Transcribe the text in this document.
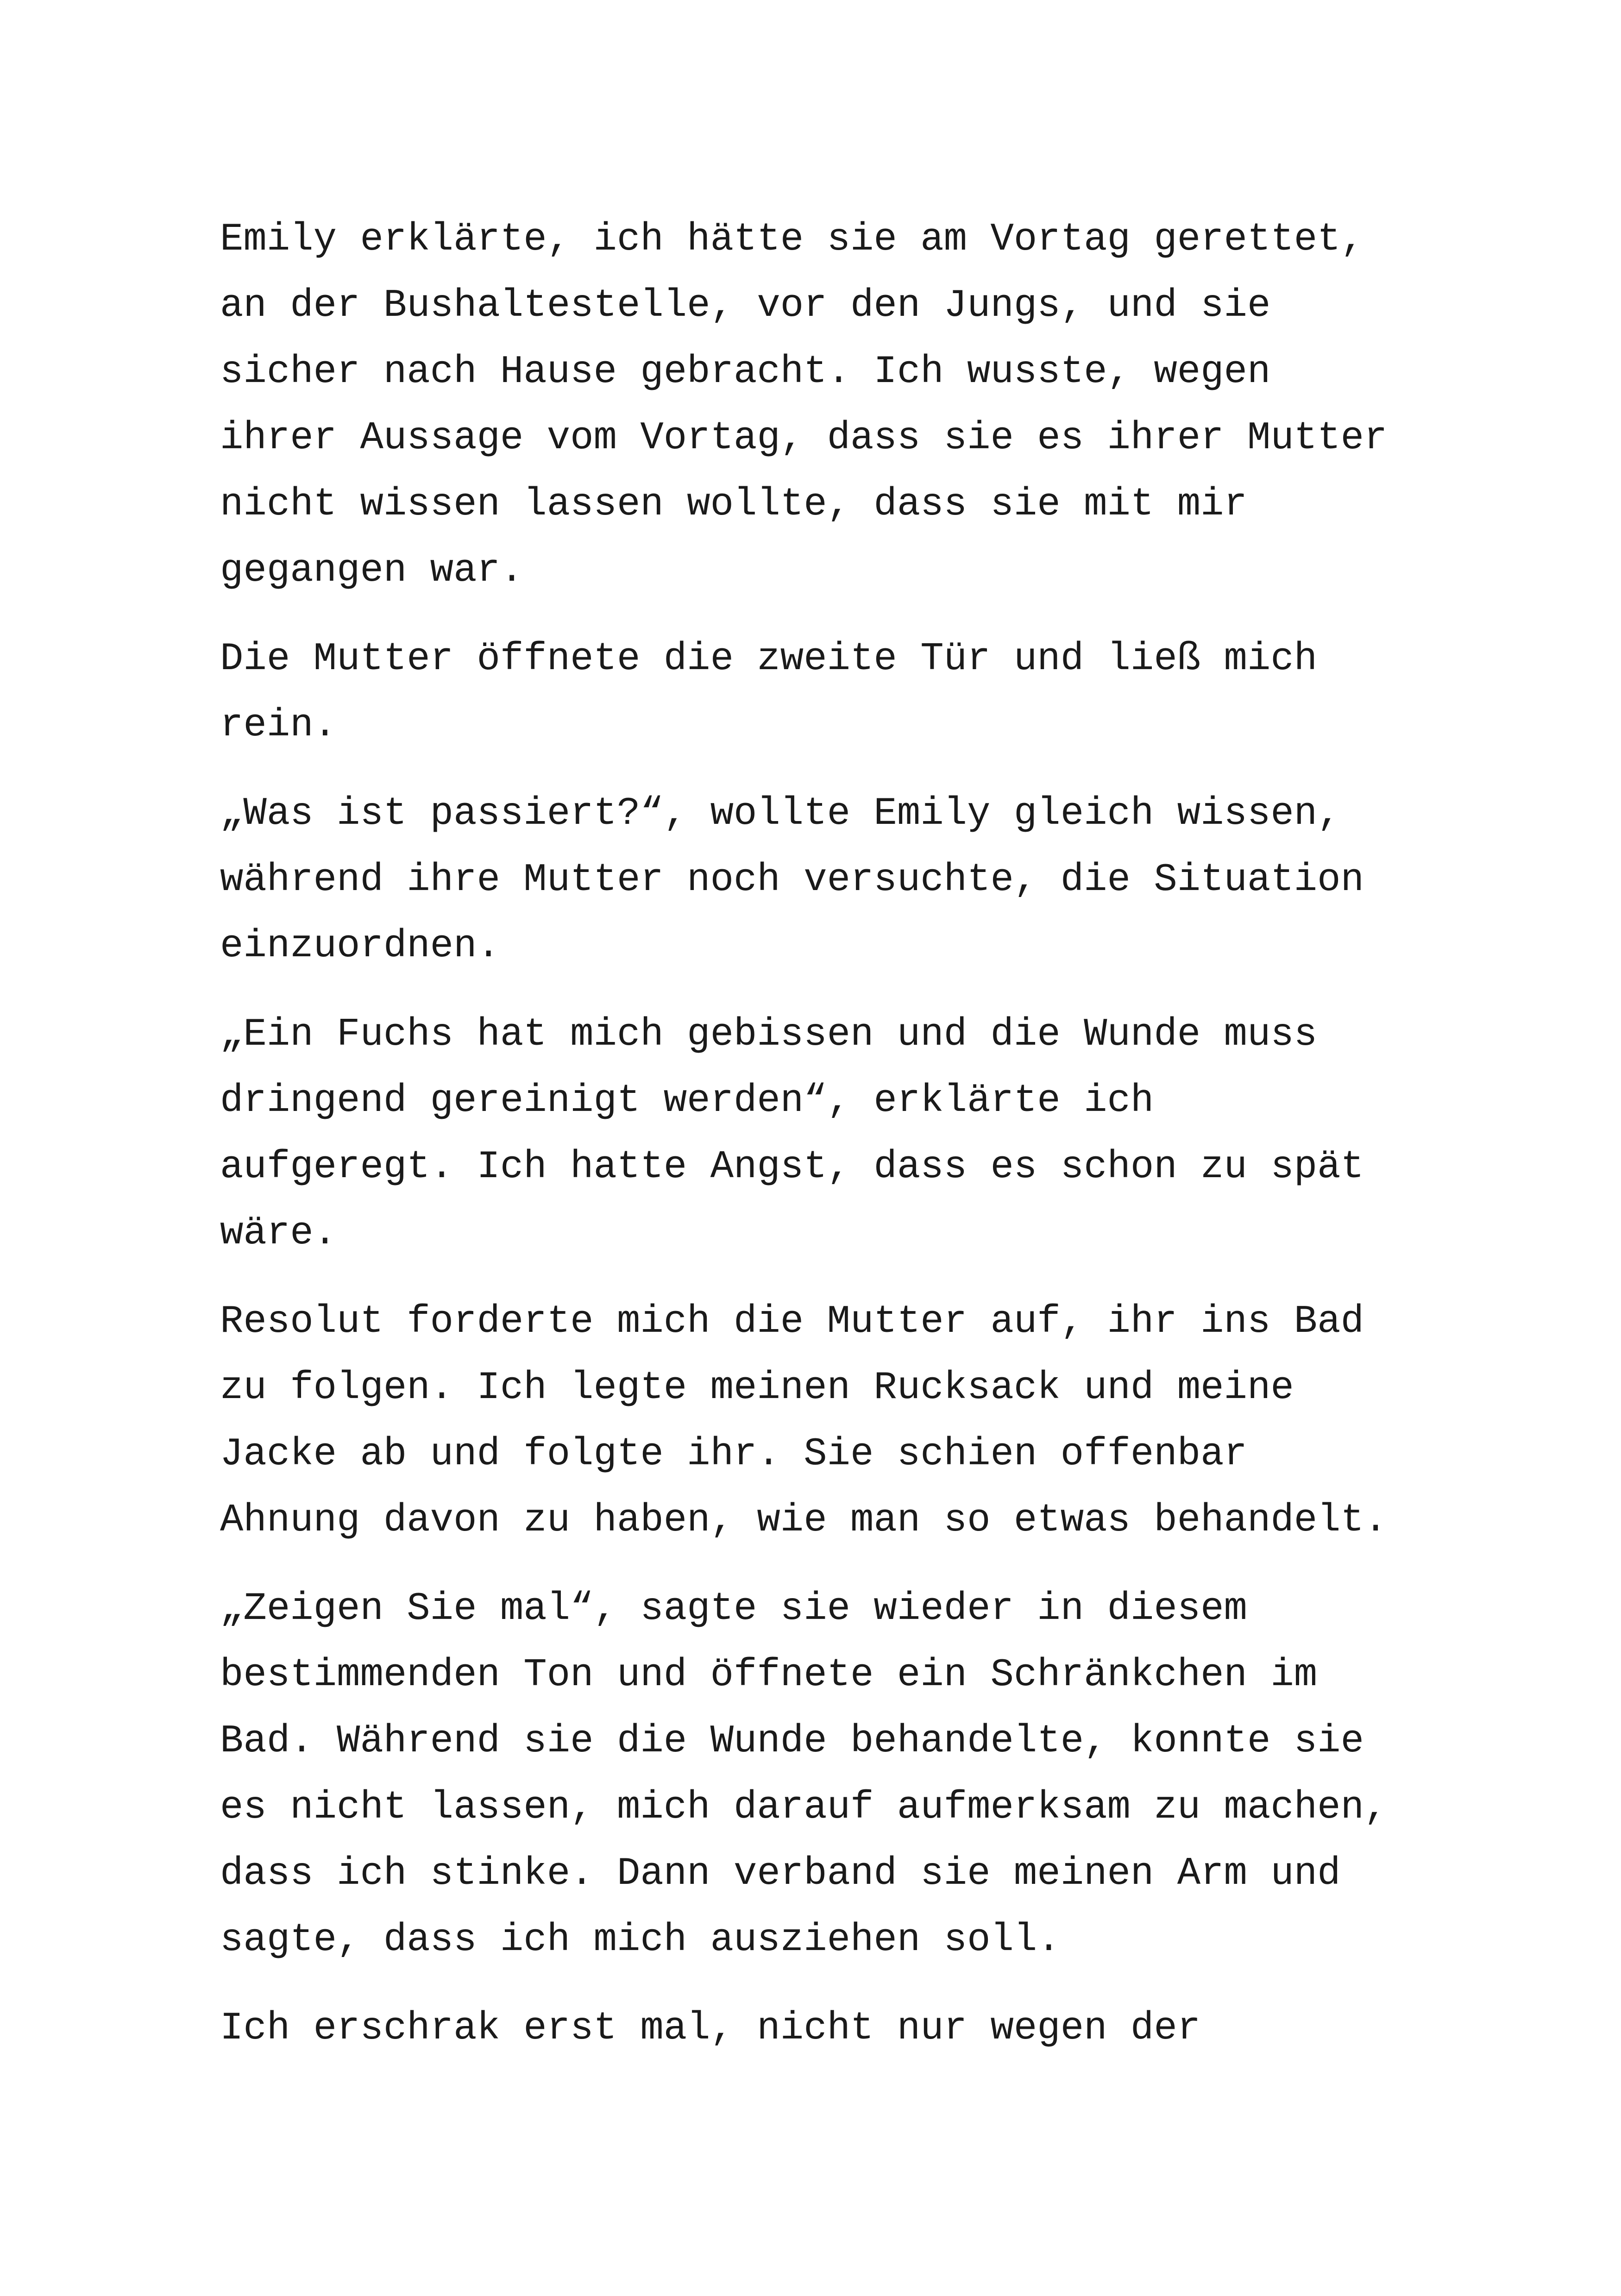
Emily erklärte, ich hätte sie am Vortag gerettet,
an der Bushaltestelle, vor den Jungs, und sie
sicher nach Hause gebracht. Ich wusste, wegen
ihrer Aussage vom Vortag, dass sie es ihrer Mutter
nicht wissen lassen wollte, dass sie mit mir
gegangen war.
Die Mutter öffnete die zweite Tür und ließ mich
rein.
„Was ist passiert?“, wollte Emily gleich wissen,
während ihre Mutter noch versuchte, die Situation
einzuordnen.
„Ein Fuchs hat mich gebissen und die Wunde muss
dringend gereinigt werden“, erklärte ich
aufgeregt. Ich hatte Angst, dass es schon zu spät
wäre.
Resolut forderte mich die Mutter auf, ihr ins Bad
zu folgen. Ich legte meinen Rucksack und meine
Jacke ab und folgte ihr. Sie schien offenbar
Ahnung davon zu haben, wie man so etwas behandelt.
„Zeigen Sie mal“, sagte sie wieder in diesem
bestimmenden Ton und öffnete ein Schränkchen im
Bad. Während sie die Wunde behandelte, konnte sie
es nicht lassen, mich darauf aufmerksam zu machen,
dass ich stinke. Dann verband sie meinen Arm und
sagte, dass ich mich ausziehen soll.
Ich erschrak erst mal, nicht nur wegen der
